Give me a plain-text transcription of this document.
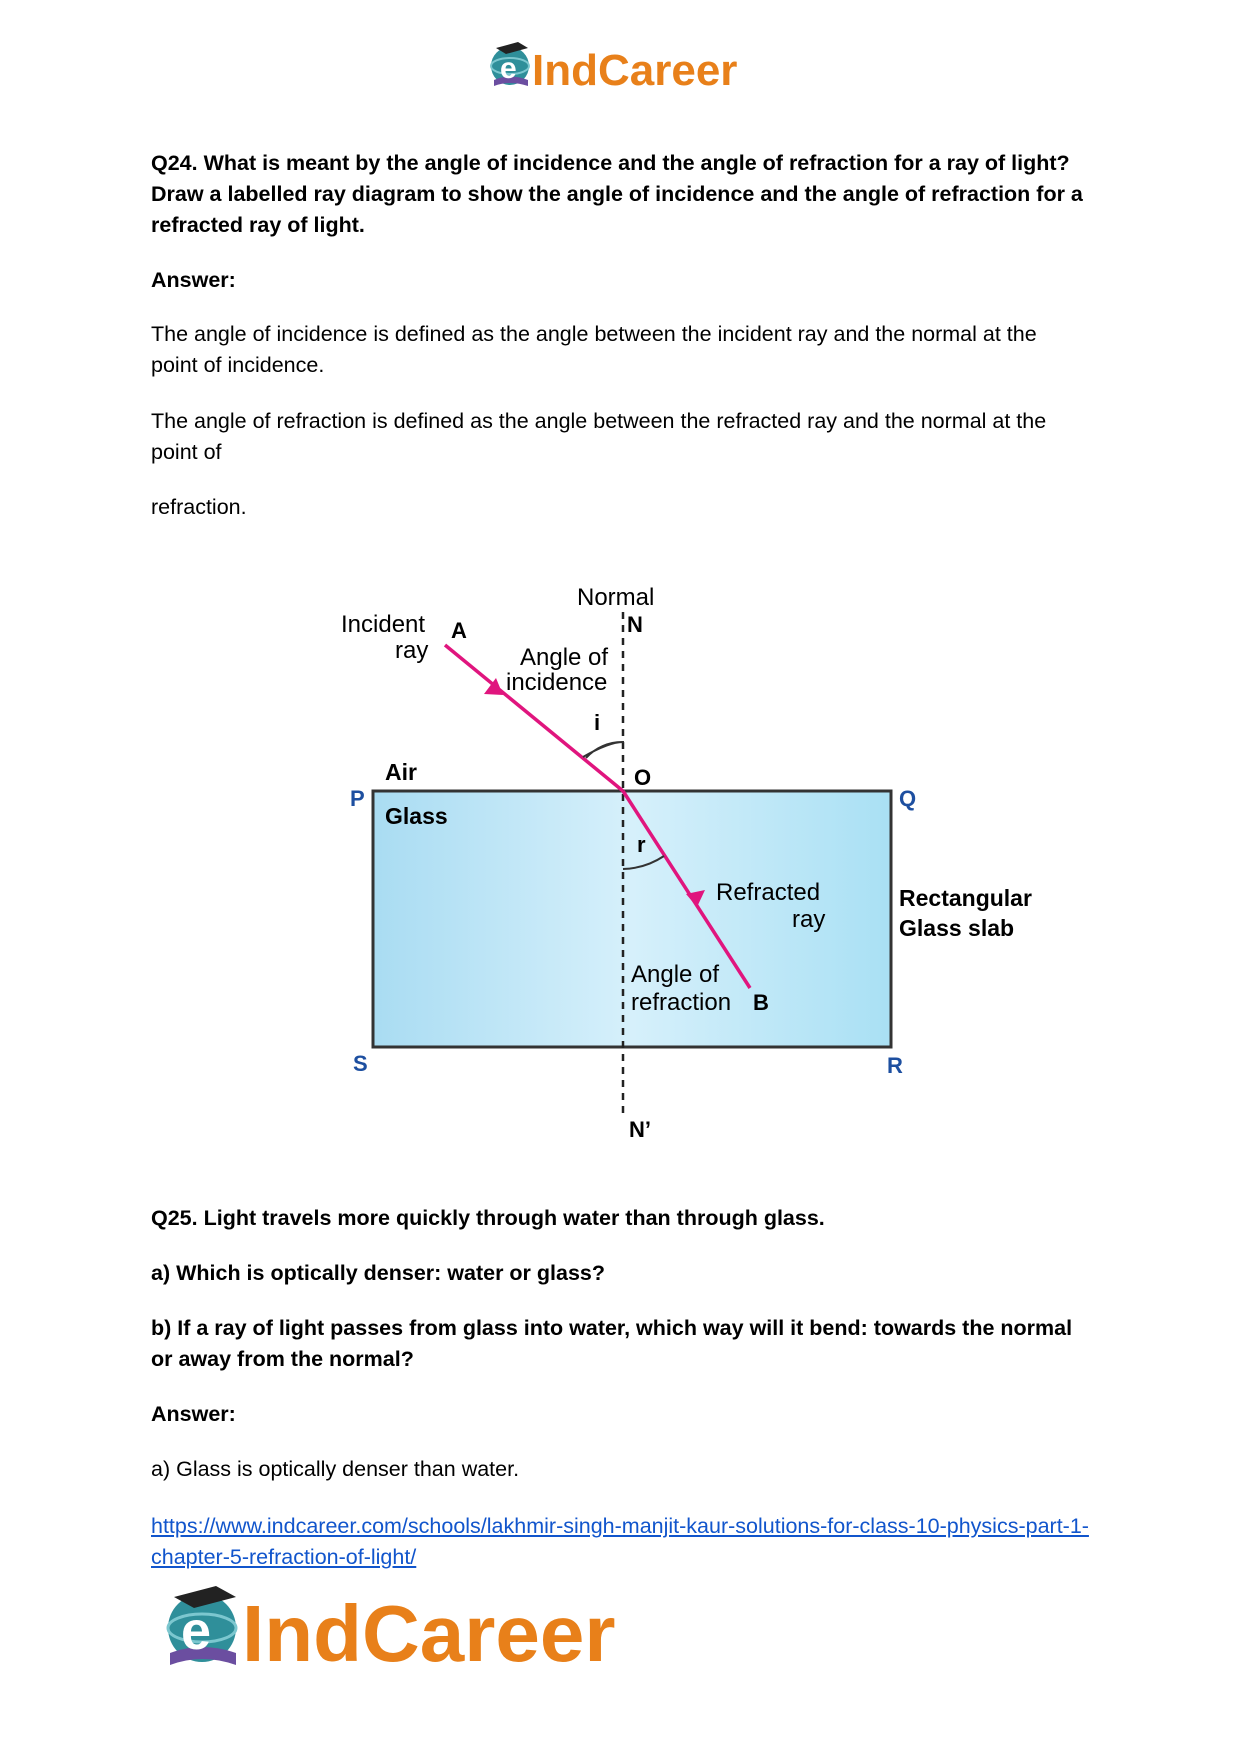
e IndCareer

Q24. What is meant by the angle of incidence and the angle of refraction for a ray of light? Draw a labelled ray diagram to show the angle of incidence and the angle of refraction for a refracted ray of light.

Answer:

The angle of incidence is defined as the angle between the incident ray and the normal at the point of incidence.

The angle of refraction is defined as the angle between the refracted ray and the normal at the point of

refraction.

Normal
N
Incident
ray
A
Angle of
incidence
i
O
Air
Glass
P	Q
r
Refracted
ray
Rectangular
Glass slab
Angle of
refraction B
S	R
N’

Q25. Light travels more quickly through water than through glass.

a) Which is optically denser: water or glass?

b) If a ray of light passes from glass into water, which way will it bend: towards the normal or away from the normal?

Answer:

a) Glass is optically denser than water.

https://www.indcareer.com/schools/lakhmir-singh-manjit-kaur-solutions-for-class-10-physics-part-1-chapter-5-refraction-of-light/

e IndCareer
